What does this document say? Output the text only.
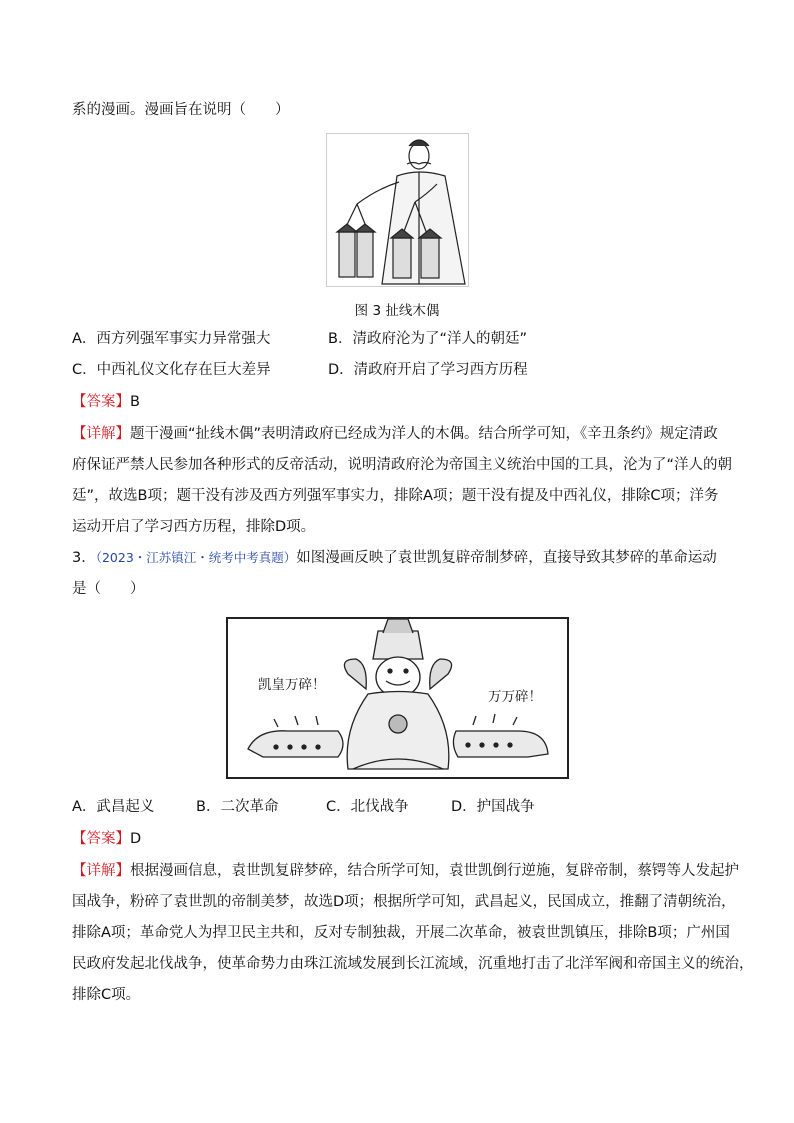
系的漫画。漫画旨在说明（　　）
图 3 扯线木偶
A．西方列强军事实力异常强大	B．清政府沦为了“洋人的朝廷”
C．中西礼仪文化存在巨大差异	D．清政府开启了学习西方历程
【答案】B
【详解】题干漫画“扯线木偶”表明清政府已经成为洋人的木偶。结合所学可知，《辛丑条约》规定清政
府保证严禁人民参加各种形式的反帝活动，说明清政府沦为帝国主义统治中国的工具，沦为了“洋人的朝
廷”，故选B项；题干没有涉及西方列强军事实力，排除A项；题干没有提及中西礼仪，排除C项；洋务
运动开启了学习西方历程，排除D项。
3．（2023・江苏镇江・统考中考真题）如图漫画反映了袁世凯复辟帝制梦碎，直接导致其梦碎的革命运动
是（　　）
凯皇万碎！
万万碎！
A．武昌起义	B．二次革命	C．北伐战争	D．护国战争
【答案】D
【详解】根据漫画信息，袁世凯复辟梦碎，结合所学可知，袁世凯倒行逆施，复辟帝制，蔡锷等人发起护
国战争，粉碎了袁世凯的帝制美梦，故选D项；根据所学可知，武昌起义，民国成立，推翻了清朝统治，
排除A项；革命党人为捍卫民主共和，反对专制独裁，开展二次革命，被袁世凯镇压，排除B项；广州国
民政府发起北伐战争，使革命势力由珠江流域发展到长江流域，沉重地打击了北洋军阀和帝国主义的统治，
排除C项。
